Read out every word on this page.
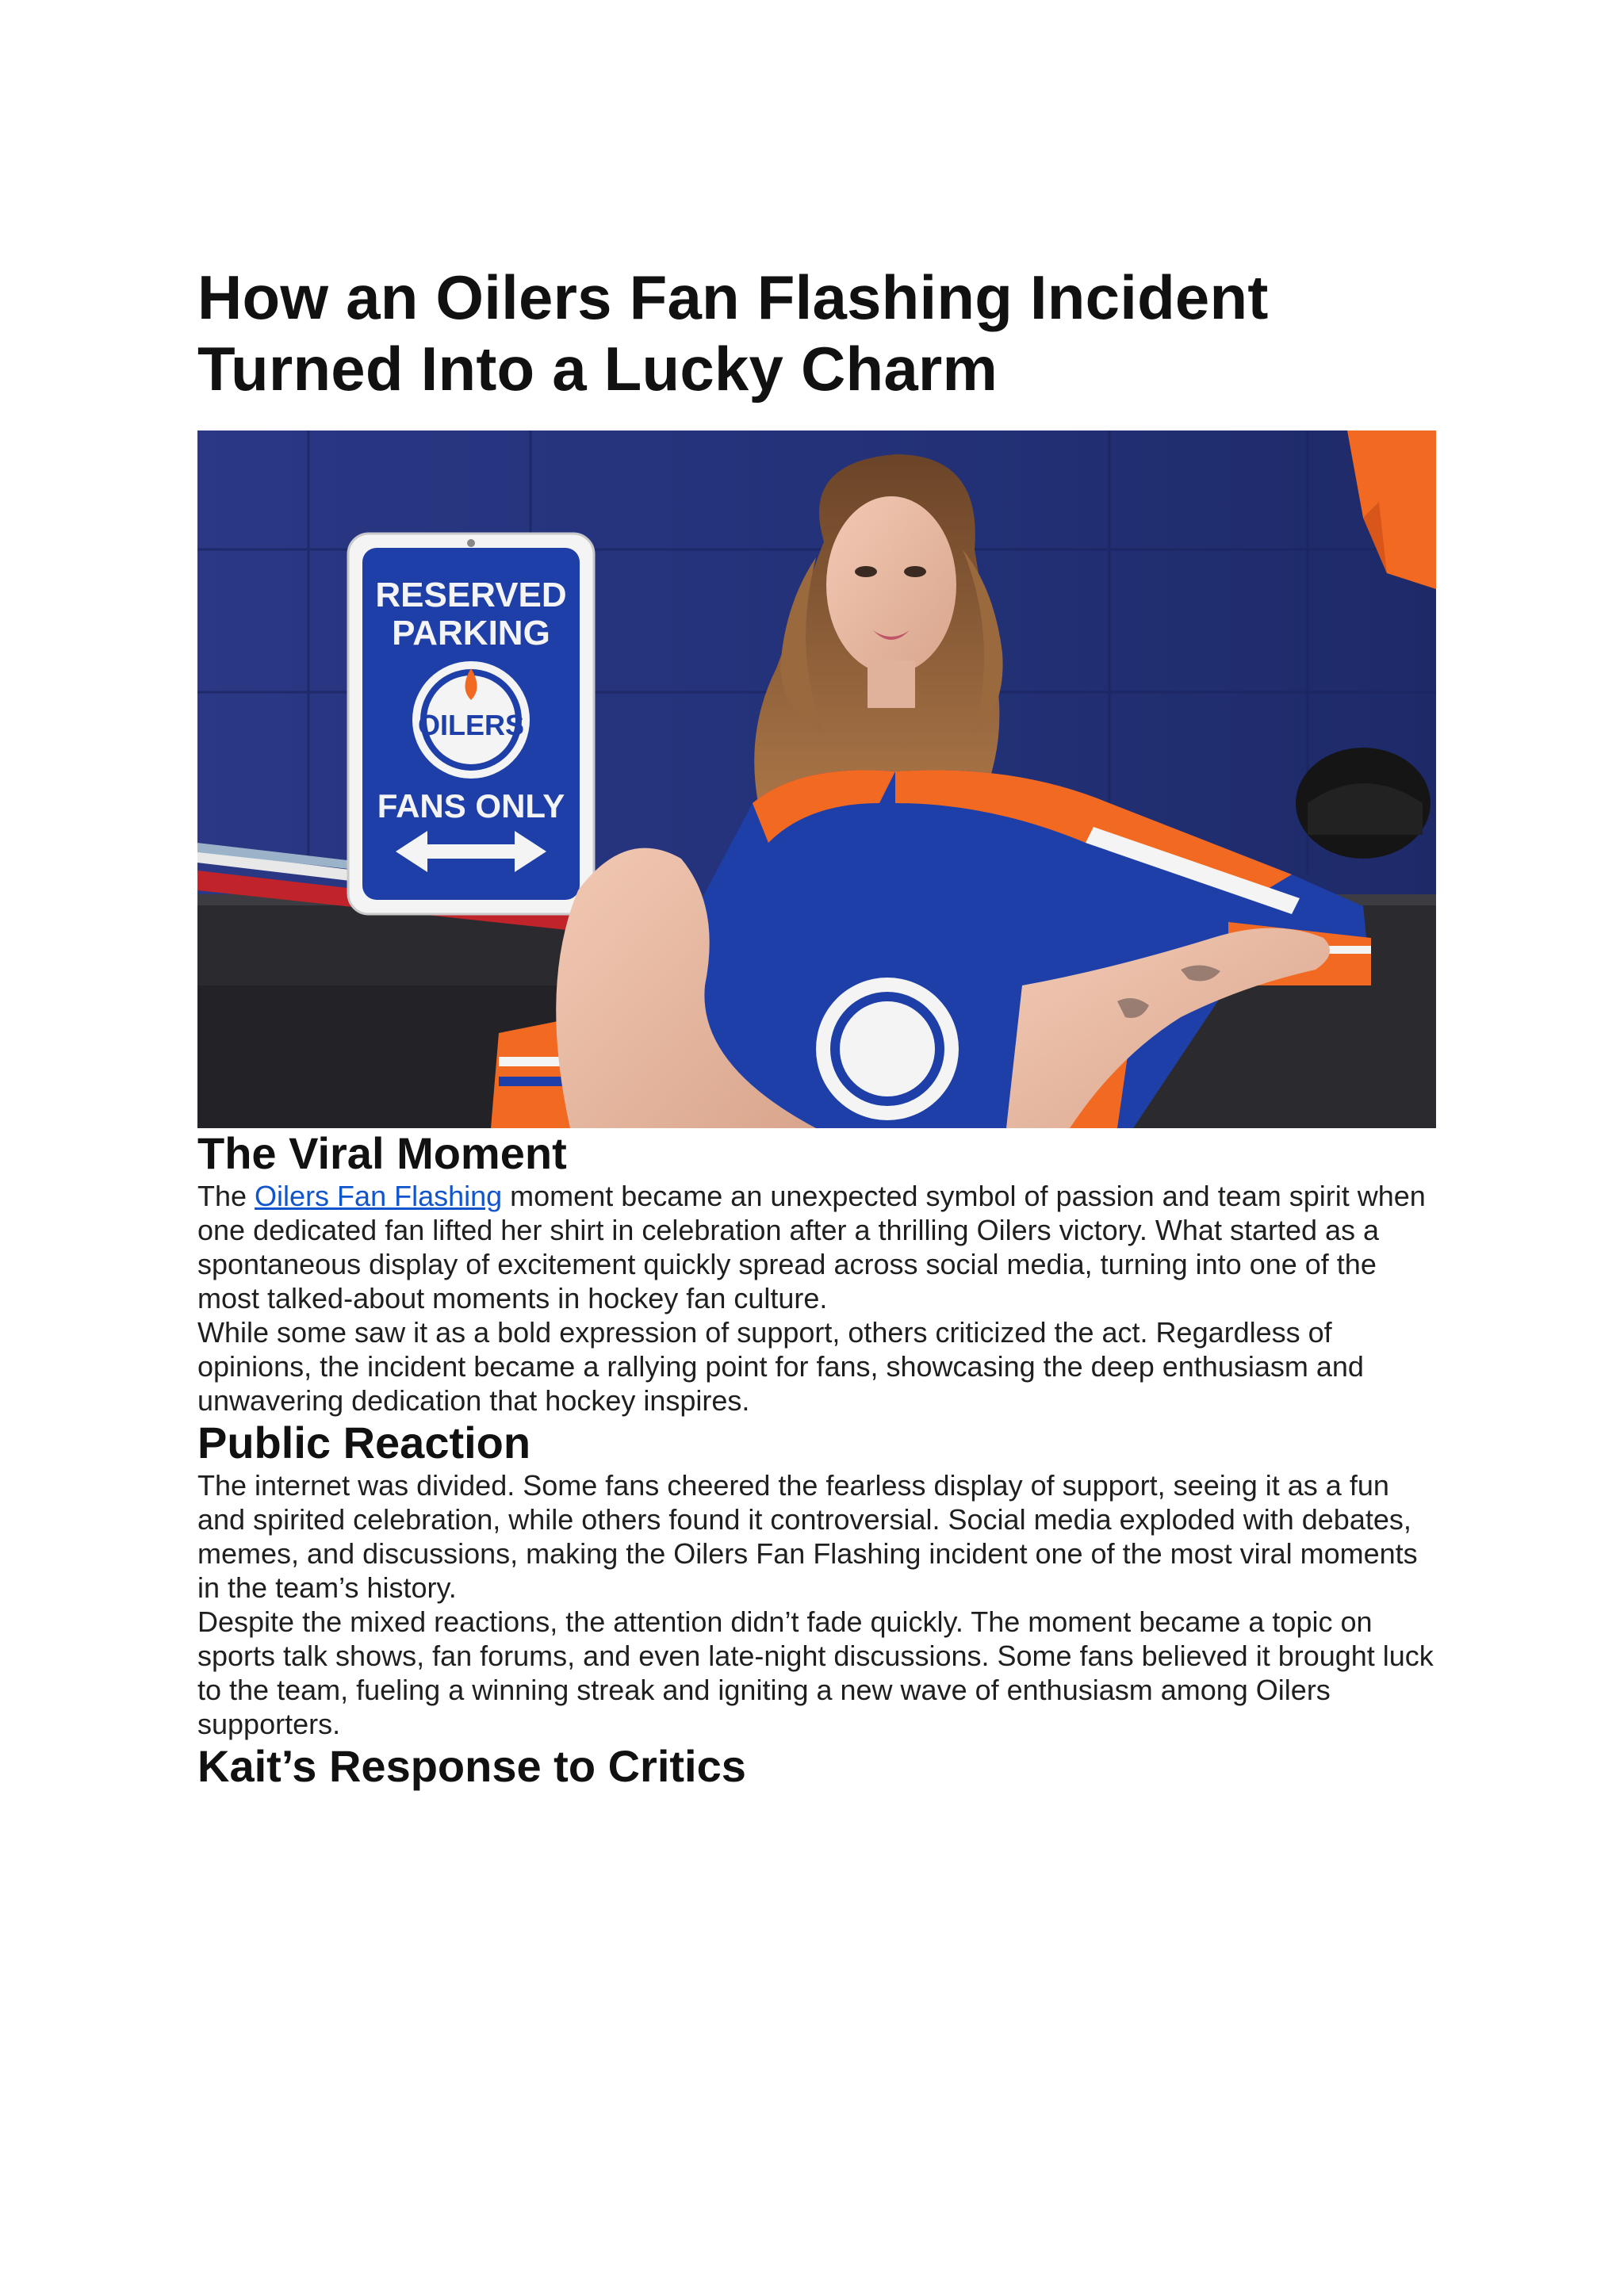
How an Oilers Fan Flashing Incident
Turned Into a Lucky Charm
RESERVED
PARKING
OILERS
FANS ONLY
The Viral Moment

The Oilers Fan Flashing moment became an unexpected symbol of passion and team spirit when one dedicated fan lifted her shirt in celebration after a thrilling Oilers victory. What started as a spontaneous display of excitement quickly spread across social media, turning into one of the most talked-about moments in hockey fan culture.

While some saw it as a bold expression of support, others criticized the act. Regardless of opinions, the incident became a rallying point for fans, showcasing the deep enthusiasm and unwavering dedication that hockey inspires.

Public Reaction

The internet was divided. Some fans cheered the fearless display of support, seeing it as a fun and spirited celebration, while others found it controversial. Social media exploded with debates, memes, and discussions, making the Oilers Fan Flashing incident one of the most viral moments in the team’s history.

Despite the mixed reactions, the attention didn’t fade quickly. The moment became a topic on sports talk shows, fan forums, and even late-night discussions. Some fans believed it brought luck to the team, fueling a winning streak and igniting a new wave of enthusiasm among Oilers supporters.

Kait’s Response to Critics
